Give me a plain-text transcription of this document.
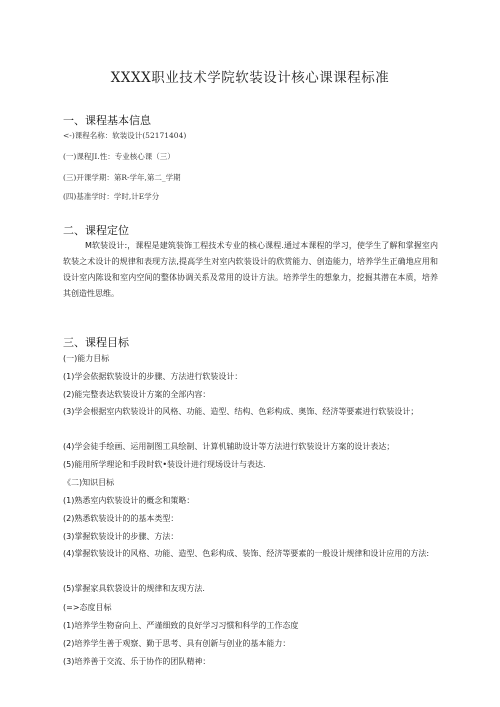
XXXX职业技术学院软装设计核心课课程标准
一、课程基本信息
<-)课程名称：软装设计(52171404)
(一)课程JI.性：专业核心课（三）
(三)开课学期：第R-学年,第二_学期
(四)基准学时：学时,计E学分
二、课程定位
M软装设计:，课程是建筑装饰工程技术专业的核心课程.通过本课程的学习，使学生了解和掌握室内软装之术设计的规律和表现方法,提高学生对室内软装设计的欣赏能力、创造能力，培养学生正确地应用和设计室内陈设和室内空间的整体协调关系及常用的设计方法。培养学生的想象力，挖掘其潜在本质，培养其创造性思维。
三、课程目标
(一)能力目标
(1)学会依据软装设计的步骤、方法进行软装设计：
(2)能完整表达软装设计方案的全部内容：
(3)学会根据室内软装设计的风格、功能、造型、结构、色彩构成、奥饰、经济等要素进行软装设计；
(4)学会徒手绘画、运用制图工具绘制、计算机辅助设计等方法进行软装设计方案的设计表达；
(5)能用所学理论和手段时软•装设计进行现场设计与表达.
《二)知识目标
(1)熟悉室内软装设计的概念和策略：
(2)熟悉软装设计的的基本类型：
(3)掌握软装设计的步骤、方法：
(4)掌握软装设计的风格、功能、造型、色彩构成、装饰、经济等要素的一般设计规律和设计应用的方法:
(5)掌握家具软袋设计的规律和友现方法.
(=>态度目标
(1)培养学生物奋向上、严谨细致的良好学习习惯和科学的工作态度
(2)培养学生善于观察、勤于思考、具有创新与创业的基本能力：
(3)培养善于交流、乐于协作的团队精神：
